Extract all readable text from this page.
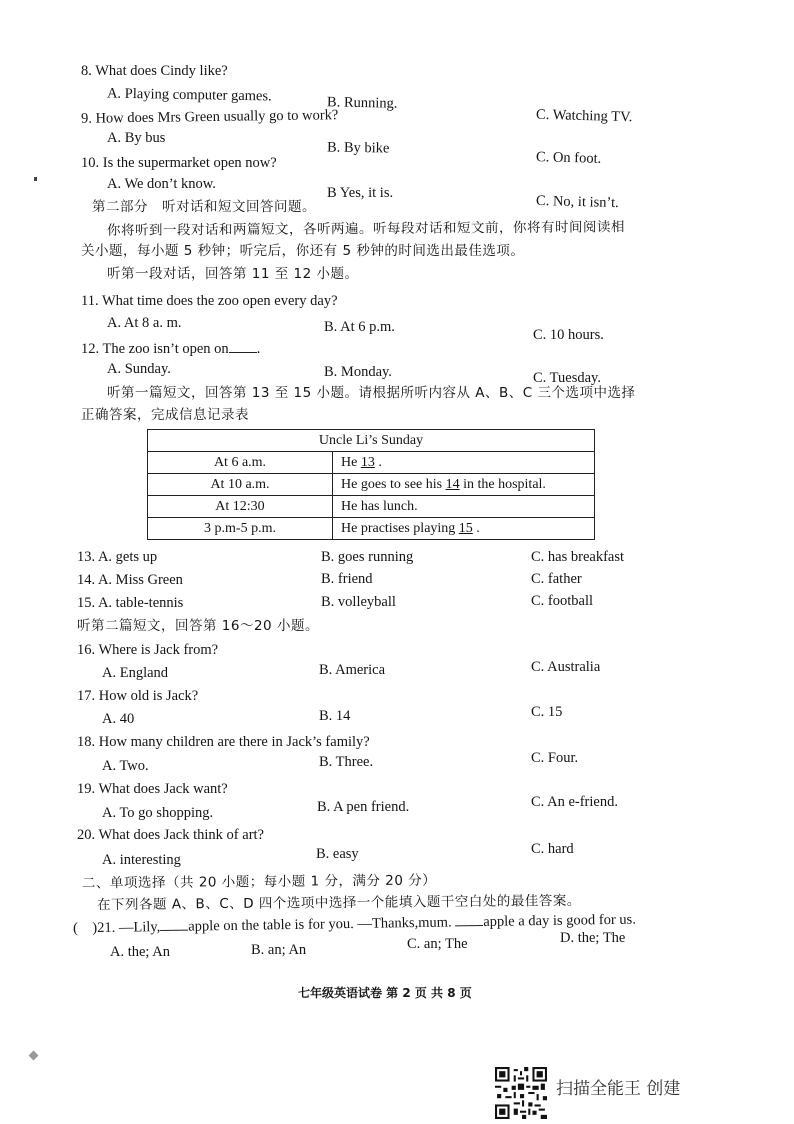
8. What does Cindy like?
A. Playing computer games.	B. Running.
C. Watching TV.
9. How does Mrs Green usually go to work?
A. By bus
B. By bike
C. On foot.
10. Is the supermarket open now?
A. We don’t know.
B Yes, it is.	C. No, it isn’t.
第二部分　听对话和短文回答问题。
你将听到一段对话和两篇短文，各听两遍。听每段对话和短文前，你将有时间阅读相
关小题，每小题 5 秒钟；听完后，你还有 5 秒钟的时间选出最佳选项。
听第一段对话，回答第 11 至 12 小题。
11. What time does the zoo open every day?
A. At 8 a. m.	B. At 6 p.m.	C. 10 hours.
12. The zoo isn’t open on .
A. Sunday.	B. Monday.	C. Tuesday.
听第一篇短文，回答第 13 至 15 小题。请根据所听内容从 A、B、C 三个选项中选择
正确答案，完成信息记录表
Uncle Li’s Sunday	
At 6 a.m.	He 13 .
At 10 a.m.	He goes to see his 14 in the hospital.
At 12:30	He has lunch.
3 p.m-5 p.m.	He practises playing 15 .
13. A. gets up	B. goes running	C. has breakfast
14. A. Miss Green	B. friend	C. father
15. A. table-tennis	B. volleyball	C. football
听第二篇短文，回答第 16～20 小题。
16. Where is Jack from?
A. England	B. America	C. Australia
17. How old is Jack?
A. 40	B. 14	C. 15
18. How many children are there in Jack’s family?
A. Two.	B. Three.	C. Four.
19. What does Jack want?
A. To go shopping.	B. A pen friend.	C. An e-friend.
20. What does Jack think of art?
A. interesting	B. easy	C. hard
二、单项选择（共 20 小题；每小题 1 分，满分 20 分）
在下列各题 A、B、C、D 四个选项中选择一个能填入题干空白处的最佳答案。
(　)21. —Lily, apple on the table is for you. —Thanks,mum. apple a day is good for us.
A. the; An	B. an; An	C. an; The	D. the; The
七年级英语试卷 第 2 页 共 8 页
扫描全能王 创建
